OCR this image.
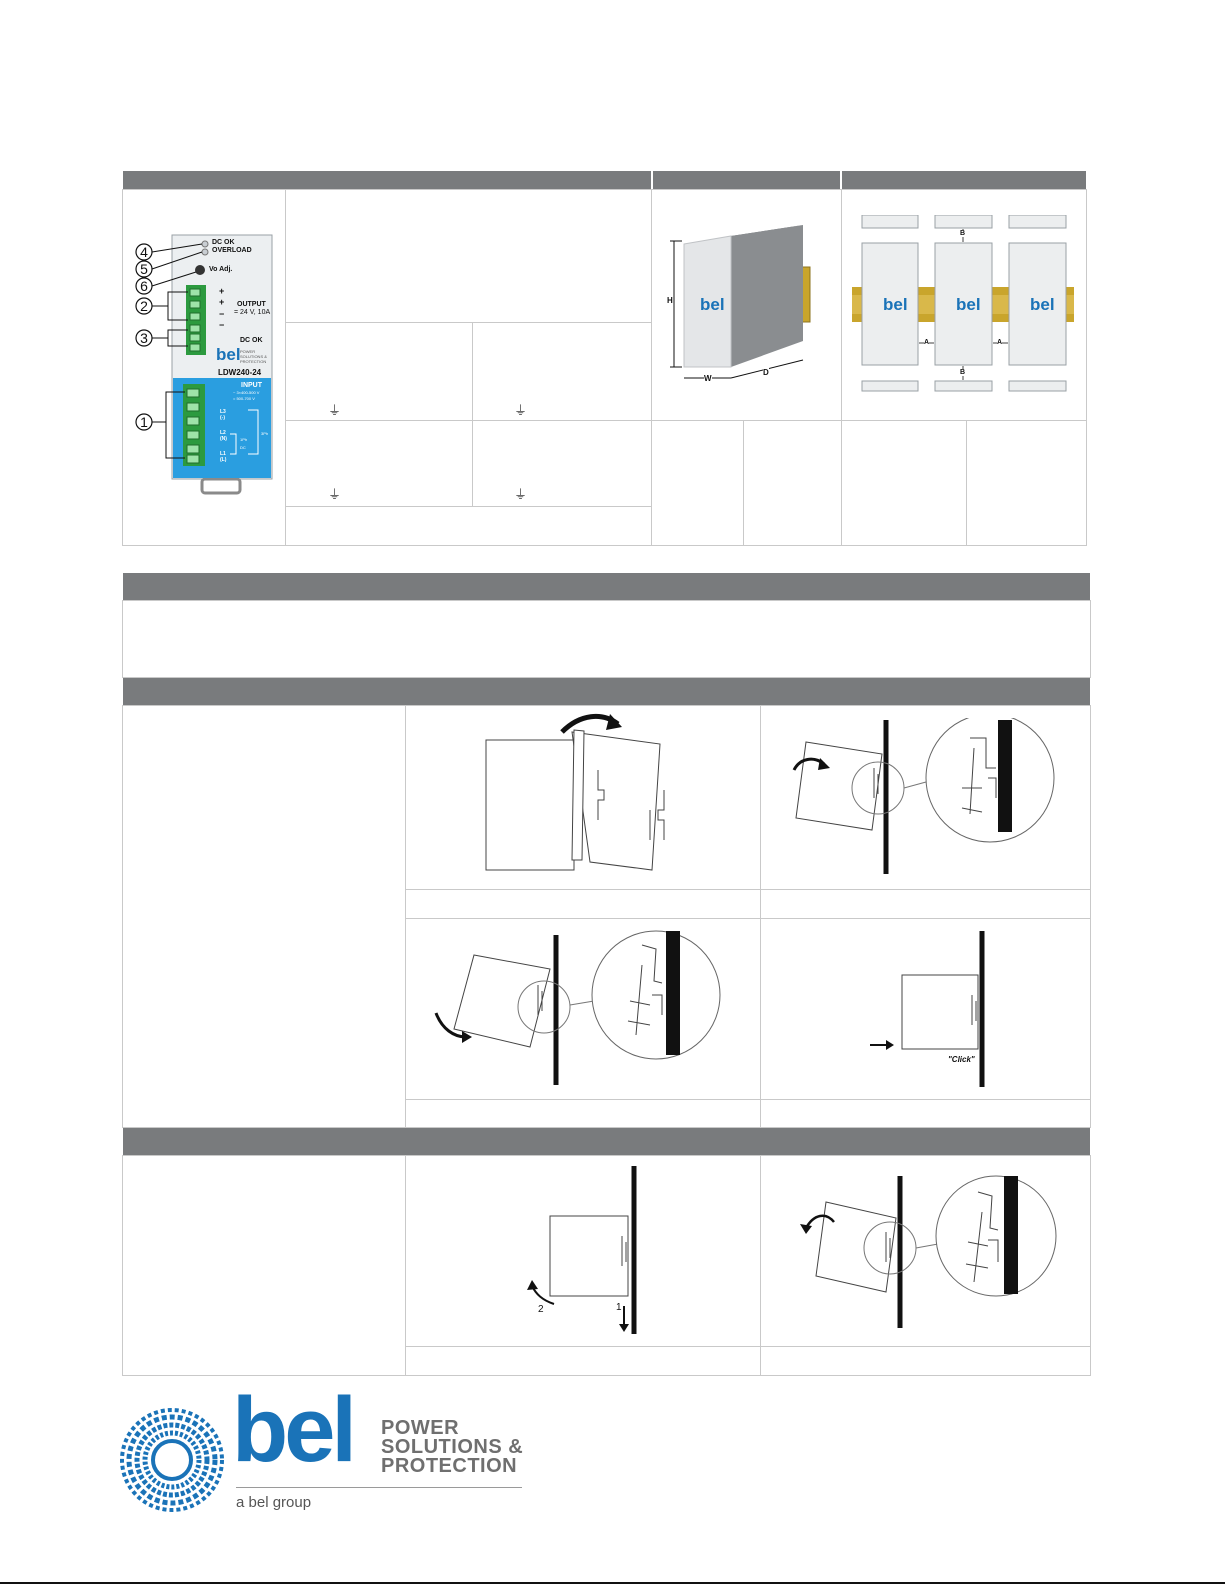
⏚	⏚
⏚	⏚
4
5
6
2
3
1
DC OK
OVERLOAD
Vo Adj.
OUTPUT
= 24 V, 10A
+
+
−
−
DC OK
bel POWER SOLUTIONS & PROTECTION
LDW240-24
INPUT
~ 3×400-500 V
= 500-700 V
L3 (-)
L2 (N)
L1 (L)
3Ph
1Ph
DC
bel
H
W
D
bel	bel	bel
B
A	A
B
"Click"
1
2
bel POWER
SOLUTIONS &
PROTECTION
a bel group
